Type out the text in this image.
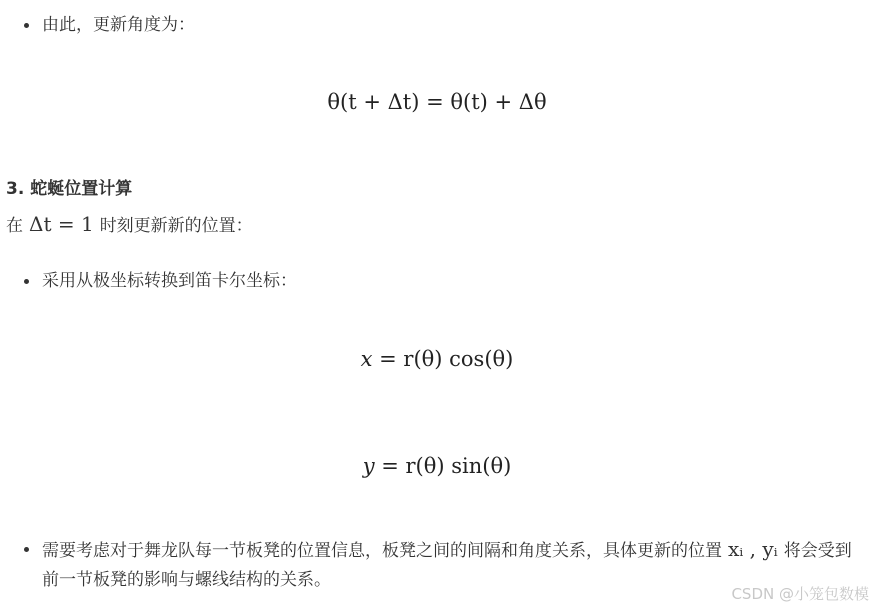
由此，更新角度为：
θ(t + Δt) = θ(t) + Δθ
3. 蛇蜒位置计算
在 Δt = 1 时刻更新新的位置：
采用从极坐标转换到笛卡尔坐标：
x = r(θ) cos(θ)
y = r(θ) sin(θ)
需要考虑对于舞龙队每一节板凳的位置信息，板凳之间的间隔和角度关系，具体更新的位置 xᵢ , yᵢ 将会受到前一节板凳的影响与螺线结构的关系。
CSDN @小笼包数模
